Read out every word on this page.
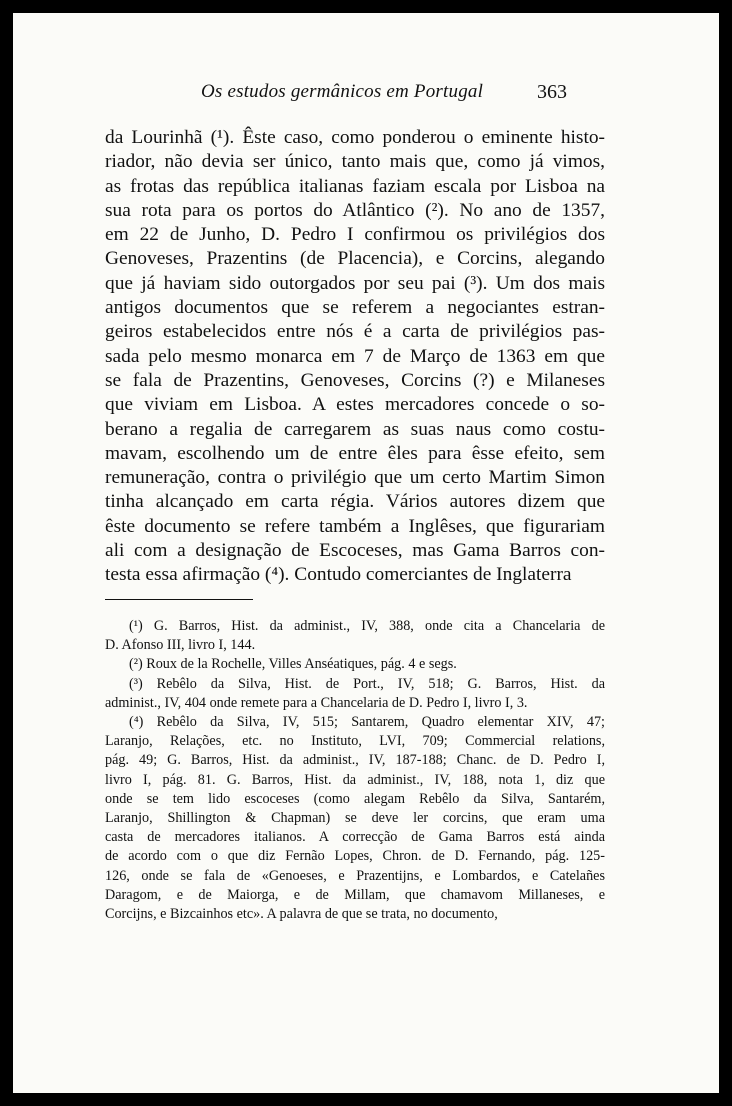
Os estudos germânicos em Portugal	363

da Lourinhã (¹). Êste caso, como ponderou o eminente histo-
riador, não devia ser único, tanto mais que, como já vimos,
as frotas das república italianas faziam escala por Lisboa na
sua rota para os portos do Atlântico (²). No ano de 1357,
em 22 de Junho, D. Pedro I confirmou os privilégios dos
Genoveses, Prazentins (de Placencia), e Corcins, alegando
que já haviam sido outorgados por seu pai (³). Um dos mais
antigos documentos que se referem a negociantes estran-
geiros estabelecidos entre nós é a carta de privilégios pas-
sada pelo mesmo monarca em 7 de Março de 1363 em que
se fala de Prazentins, Genoveses, Corcins (?) e Milaneses
que viviam em Lisboa. A estes mercadores concede o so-
berano a regalia de carregarem as suas naus como costu-
mavam, escolhendo um de entre êles para êsse efeito, sem
remuneração, contra o privilégio que um certo Martim Simon
tinha alcançado em carta régia. Vários autores dizem que
êste documento se refere também a Inglêses, que figurariam
ali com a designação de Escoceses, mas Gama Barros con-
testa essa afirmação (⁴). Contudo comerciantes de Inglaterra

(¹) G. Barros, Hist. da administ., IV, 388, onde cita a Chancelaria de
D. Afonso III, livro I, 144.
(²) Roux de la Rochelle, Villes Anséatiques, pág. 4 e segs.
(³) Rebêlo da Silva, Hist. de Port., IV, 518; G. Barros, Hist. da
administ., IV, 404 onde remete para a Chancelaria de D. Pedro I, livro I, 3.
(⁴) Rebêlo da Silva, IV, 515; Santarem, Quadro elementar XIV, 47;
Laranjo, Relações, etc. no Instituto, LVI, 709; Commercial relations,
pág. 49; G. Barros, Hist. da administ., IV, 187-188; Chanc. de D. Pedro I,
livro I, pág. 81. G. Barros, Hist. da administ., IV, 188, nota 1, diz que
onde se tem lido escoceses (como alegam Rebêlo da Silva, Santarém,
Laranjo, Shillington & Chapman) se deve ler corcins, que eram uma
casta de mercadores italianos. A correcção de Gama Barros está ainda
de acordo com o que diz Fernão Lopes, Chron. de D. Fernando, pág. 125-
126, onde se fala de «Genoeses, e Prazentijns, e Lombardos, e Catelañes
Daragom, e de Maiorga, e de Millam, que chamavom Millaneses, e
Corcijns, e Bizcainhos etc». A palavra de que se trata, no documento,
